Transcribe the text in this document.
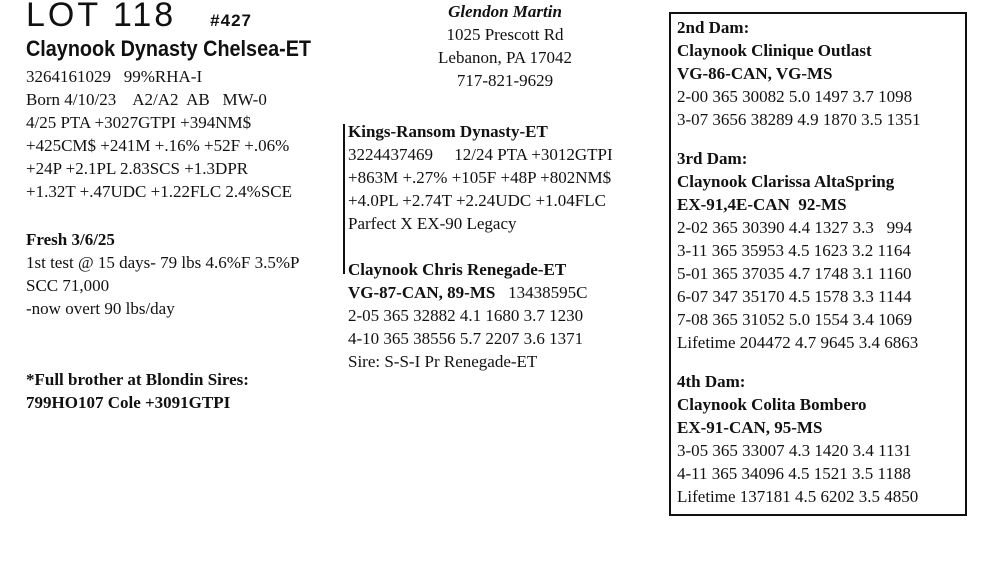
LOT 118 #427
Claynook Dynasty Chelsea-ET
3264161029   99%RHA-I
Born 4/10/23    A2/A2  AB   MW-0
4/25 PTA +3027GTPI +394NM$
+425CM$ +241M +.16% +52F +.06%
+24P +2.1PL 2.83SCS +1.3DPR
+1.32T +.47UDC +1.22FLC 2.4%SCE
Fresh 3/6/25
1st test @ 15 days- 79 lbs 4.6%F 3.5%P
SCC 71,000
-now overt 90 lbs/day
*Full brother at Blondin Sires:
799HO107 Cole +3091GTPI
Glendon Martin
1025 Prescott Rd
Lebanon, PA 17042
717-821-9629
Kings-Ransom Dynasty-ET
3224437469     12/24 PTA +3012GTPI
+863M +.27% +105F +48P +802NM$
+4.0PL +2.74T +2.24UDC +1.04FLC
Parfect X EX-90 Legacy
Claynook Chris Renegade-ET
VG-87-CAN, 89-MS   13438595C
2-05 365 32882 4.1 1680 3.7 1230
4-10 365 38556 5.7 2207 3.6 1371
Sire: S-S-I Pr Renegade-ET
2nd Dam:
Claynook Clinique Outlast
VG-86-CAN, VG-MS
2-00 365 30082 5.0 1497 3.7 1098
3-07 3656 38289 4.9 1870 3.5 1351
3rd Dam:
Claynook Clarissa AltaSpring
EX-91,4E-CAN  92-MS
2-02 365 30390 4.4 1327 3.3   994
3-11 365 35953 4.5 1623 3.2 1164
5-01 365 37035 4.7 1748 3.1 1160
6-07 347 35170 4.5 1578 3.3 1144
7-08 365 31052 5.0 1554 3.4 1069
Lifetime 204472 4.7 9645 3.4 6863
4th Dam:
Claynook Colita Bombero
EX-91-CAN, 95-MS
3-05 365 33007 4.3 1420 3.4 1131
4-11 365 34096 4.5 1521 3.5 1188
Lifetime 137181 4.5 6202 3.5 4850
